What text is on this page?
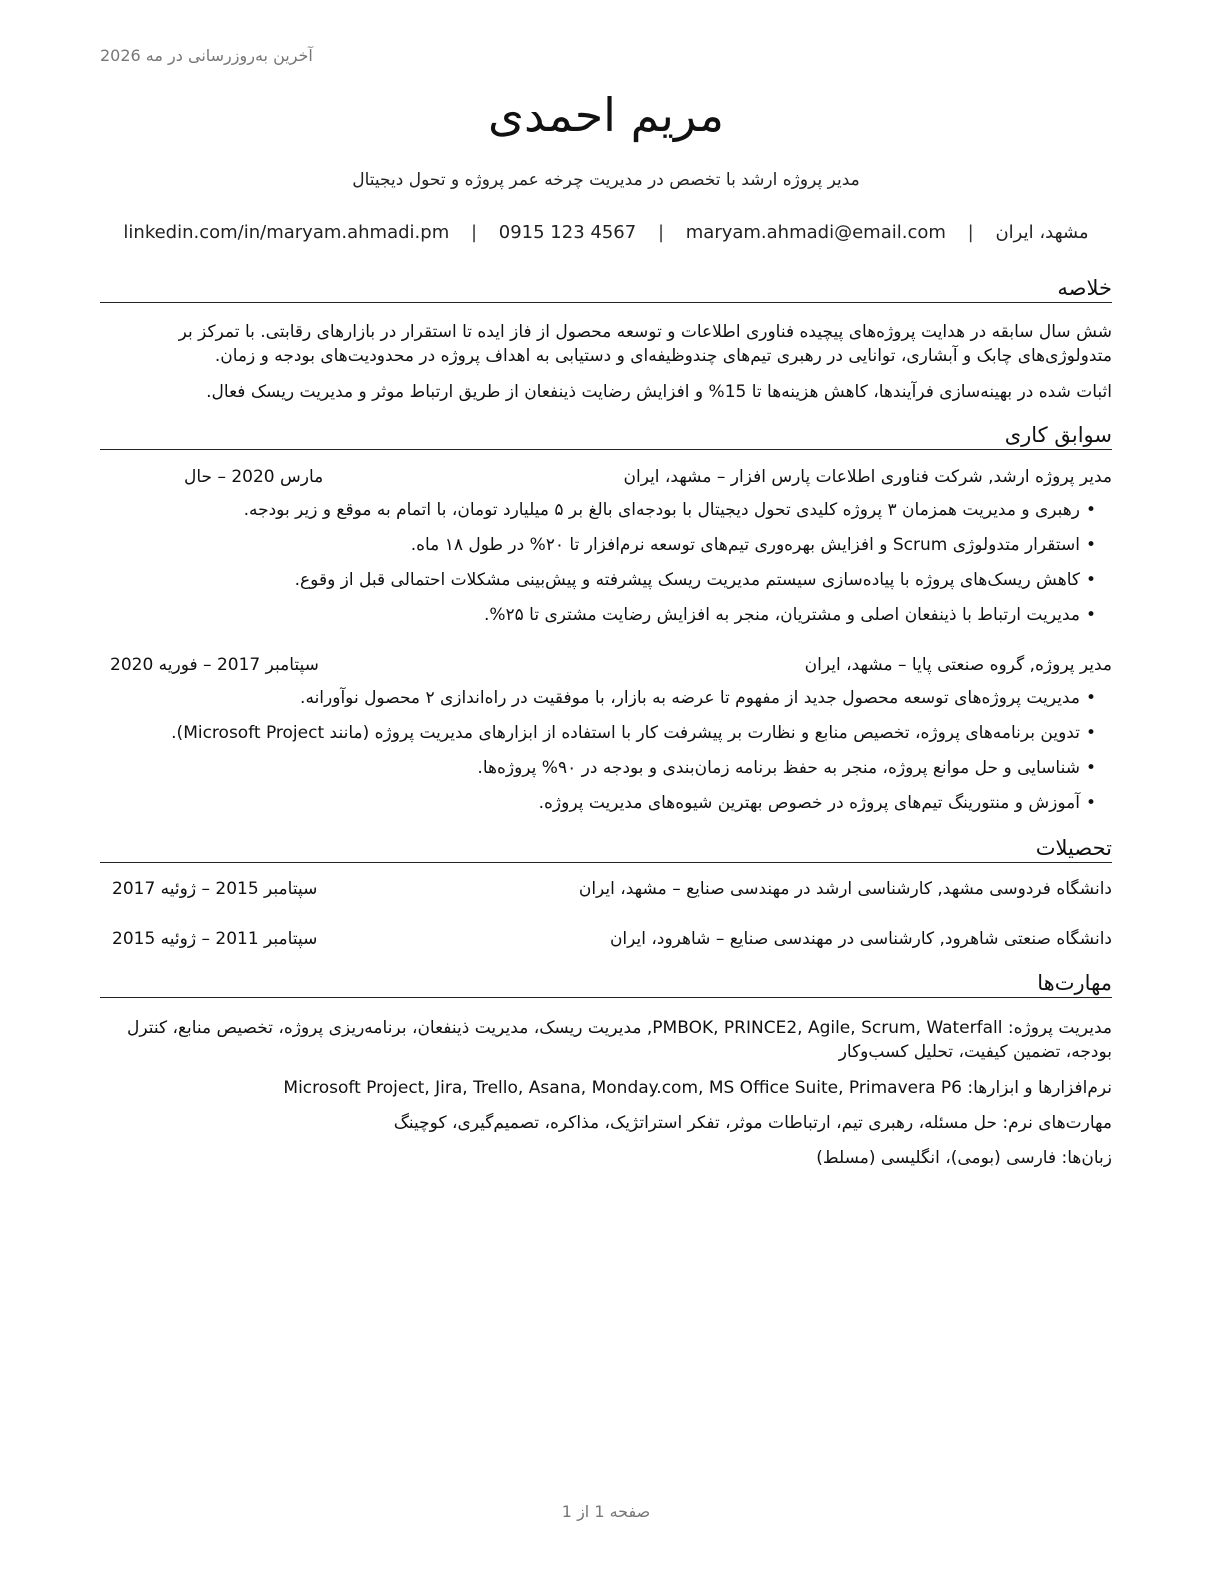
آخرین به‌روزرسانی در مه 2026
مریم احمدی
مدیر پروژه ارشد با تخصص در مدیریت چرخه عمر پروژه و تحول دیجیتال
مشهد، ایران | maryam.ahmadi@email.com | 0915 123 4567 | linkedin.com/in/maryam.ahmadi.pm
خلاصه
شش سال سابقه در هدایت پروژه‌های پیچیده فناوری اطلاعات و توسعه محصول از فاز ایده تا استقرار در بازارهای رقابتی. با تمرکز بر متدولوژی‌های چابک و آبشاری، توانایی در رهبری تیم‌های چندوظیفه‌ای و دستیابی به اهداف پروژه در محدودیت‌های بودجه و زمان.
اثبات شده در بهینه‌سازی فرآیندها، کاهش هزینه‌ها تا 15% و افزایش رضایت ذینفعان از طریق ارتباط موثر و مدیریت ریسک فعال.
سوابق کاری
مدیر پروژه ارشد, شرکت فناوری اطلاعات پارس افزار – مشهد، ایران
مارس 2020 – حال
• رهبری و مدیریت همزمان ۳ پروژه کلیدی تحول دیجیتال با بودجه‌ای بالغ بر ۵ میلیارد تومان، با اتمام به موقع و زیر بودجه.
• استقرار متدولوژی Scrum و افزایش بهره‌وری تیم‌های توسعه نرم‌افزار تا ۲۰% در طول ۱۸ ماه.
• کاهش ریسک‌های پروژه با پیاده‌سازی سیستم مدیریت ریسک پیشرفته و پیش‌بینی مشکلات احتمالی قبل از وقوع.
• مدیریت ارتباط با ذینفعان اصلی و مشتریان، منجر به افزایش رضایت مشتری تا ۲۵%.
مدیر پروژه, گروه صنعتی پایا – مشهد، ایران
سپتامبر 2017 – فوریه 2020
• مدیریت پروژه‌های توسعه محصول جدید از مفهوم تا عرضه به بازار، با موفقیت در راه‌اندازی ۲ محصول نوآورانه.
• تدوین برنامه‌های پروژه، تخصیص منابع و نظارت بر پیشرفت کار با استفاده از ابزارهای مدیریت پروژه (مانند Microsoft Project).
• شناسایی و حل موانع پروژه، منجر به حفظ برنامه زمان‌بندی و بودجه در ۹۰% پروژه‌ها.
• آموزش و منتورینگ تیم‌های پروژه در خصوص بهترین شیوه‌های مدیریت پروژه.
تحصیلات
دانشگاه فردوسی مشهد, کارشناسی ارشد در مهندسی صنایع – مشهد، ایران
سپتامبر 2015 – ژوئیه 2017
دانشگاه صنعتی شاهرود, کارشناسی در مهندسی صنایع – شاهرود، ایران
سپتامبر 2011 – ژوئیه 2015
مهارت‌ها
مدیریت پروژه: PMBOK, PRINCE2, Agile, Scrum, Waterfall, مدیریت ریسک، مدیریت ذینفعان، برنامه‌ریزی پروژه، تخصیص منابع، کنترل بودجه، تضمین کیفیت، تحلیل کسب‌وکار
نرم‌افزارها و ابزارها: Microsoft Project, Jira, Trello, Asana, Monday.com, MS Office Suite, Primavera P6
مهارت‌های نرم: حل مسئله، رهبری تیم، ارتباطات موثر، تفکر استراتژیک، مذاکره، تصمیم‌گیری، کوچینگ
زبان‌ها: فارسی (بومی)، انگلیسی (مسلط)
صفحه 1 از 1
